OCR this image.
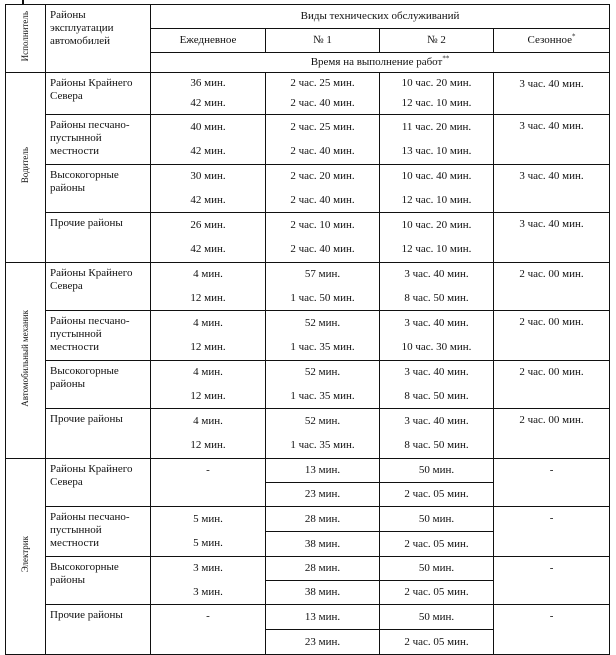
Исполнитель	Районы эксплуатации автомобилей	Виды технических обслуживаний			
		Ежедневное	№ 1	№ 2	Сезонное*
		Время на выполнение работ**
Водитель	Районы Крайнего Севера	36 мин.	2 час. 25 мин.	10 час. 20 мин.	3 час. 40 мин.
		42 мин.	2 час. 40 мин.	12 час. 10 мин.	
	Районы песчано-пустынной местности	40 мин.	2 час. 25 мин.	11 час. 20 мин.	3 час. 40 мин.
		42 мин.	2 час. 40 мин.	13 час. 10 мин.	
	Высокогорные районы	30 мин.	2 час. 20 мин.	10 час. 40 мин.	3 час. 40 мин.
		42 мин.	2 час. 40 мин.	12 час. 10 мин.	
	Прочие районы	26 мин.	2 час. 10 мин.	10 час. 20 мин.	3 час. 40 мин.
		42 мин.	2 час. 40 мин.	12 час. 10 мин.	
Автомобильный механик	Районы Крайнего Севера	4 мин.	57 мин.	3 час. 40 мин.	2 час. 00 мин.
		12 мин.	1 час. 50 мин.	8 час. 50 мин.	
	Районы песчано-пустынной местности	4 мин.	52 мин.	3 час. 40 мин.	2 час. 00 мин.
		12 мин.	1 час. 35 мин.	10 час. 30 мин.	
	Высокогорные районы	4 мин.	52 мин.	3 час. 40 мин.	2 час. 00 мин.
		12 мин.	1 час. 35 мин.	8 час. 50 мин.	
	Прочие районы	4 мин.	52 мин.	3 час. 40 мин.	2 час. 00 мин.
		12 мин.	1 час. 35 мин.	8 час. 50 мин.	
Электрик	Районы Крайнего Севера	-	13 мин.	50 мин.	-
			23 мин.	2 час. 05 мин.	
	Районы песчано-пустынной местности	5 мин.	28 мин.	50 мин.	-
		5 мин.	38 мин.	2 час. 05 мин.	
	Высокогорные районы	3 мин.	28 мин.	50 мин.	-
		3 мин.	38 мин.	2 час. 05 мин.	
	Прочие районы	-	13 мин.	50 мин.	-
			23 мин.	2 час. 05 мин.	
